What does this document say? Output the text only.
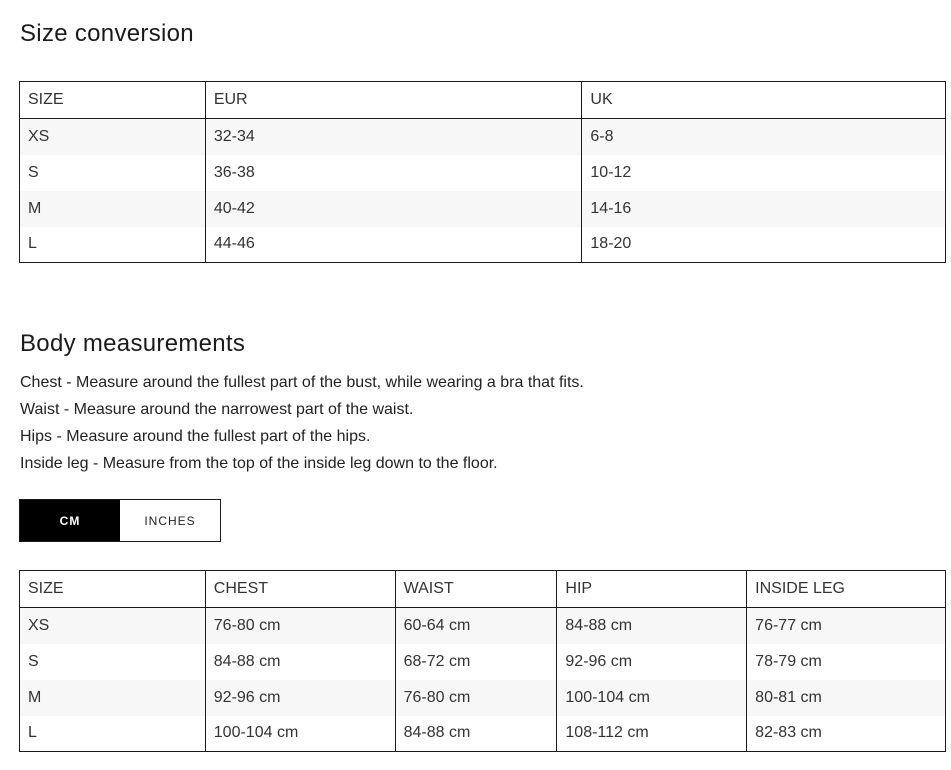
Size conversion
SIZE	EUR	UK
XS	32-34	6-8
S	36-38	10-12
M	40-42	14-16
L	44-46	18-20
Body measurements

Chest - Measure around the fullest part of the bust, while wearing a bra that fits.

Waist - Measure around the narrowest part of the waist.

Hips - Measure around the fullest part of the hips.

Inside leg - Measure from the top of the inside leg down to the floor.

CM	INCHES
SIZE	CHEST	WAIST	HIP	INSIDE LEG
XS	76-80 cm	60-64 cm	84-88 cm	76-77 cm
S	84-88 cm	68-72 cm	92-96 cm	78-79 cm
M	92-96 cm	76-80 cm	100-104 cm	80-81 cm
L	100-104 cm	84-88 cm	108-112 cm	82-83 cm
